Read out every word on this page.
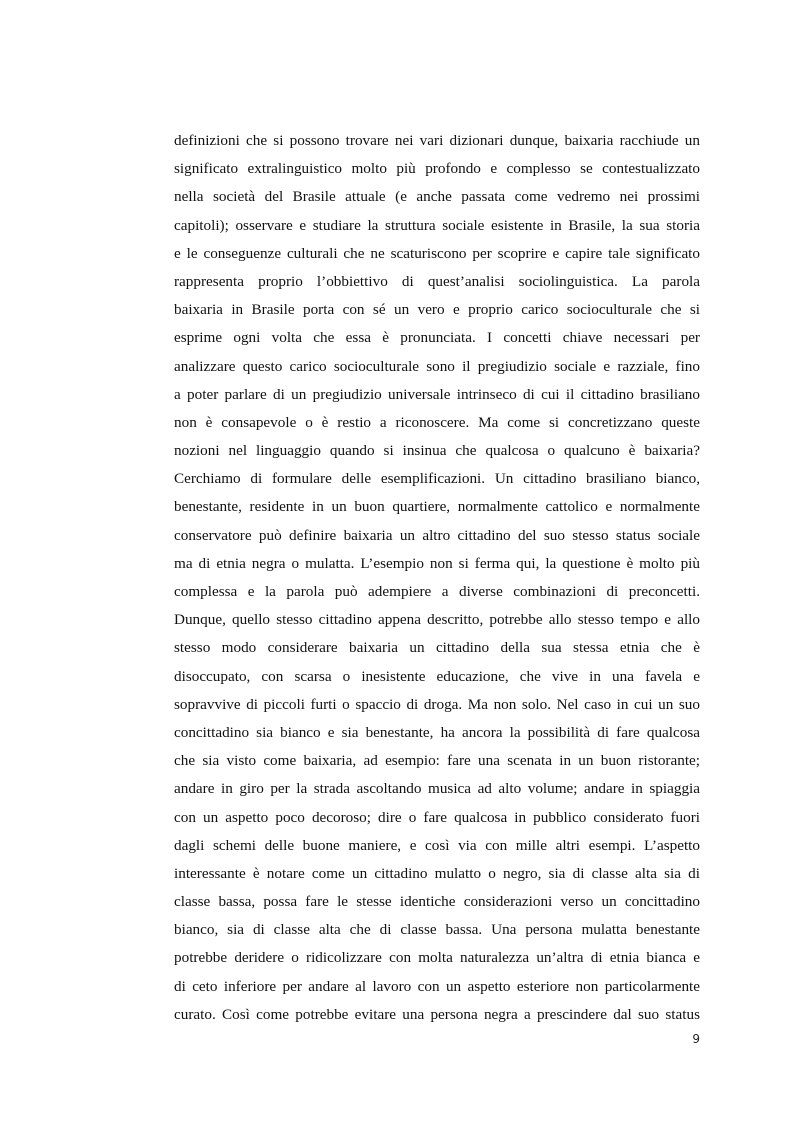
definizioni che si possono trovare nei vari dizionari dunque, baixaria racchiude un
significato extralinguistico molto più profondo e complesso se contestualizzato
nella società del Brasile attuale (e anche passata come vedremo nei prossimi
capitoli); osservare e studiare la struttura sociale esistente in Brasile, la sua storia
e le conseguenze culturali che ne scaturiscono per scoprire e capire tale significato
rappresenta proprio l’obbiettivo di quest’analisi sociolinguistica. La parola
baixaria in Brasile porta con sé un vero e proprio carico socioculturale che si
esprime ogni volta che essa è pronunciata. I concetti chiave necessari per
analizzare questo carico socioculturale sono il pregiudizio sociale e razziale, fino
a poter parlare di un pregiudizio universale intrinseco di cui il cittadino brasiliano
non è consapevole o è restio a riconoscere. Ma come si concretizzano queste
nozioni nel linguaggio quando si insinua che qualcosa o qualcuno è baixaria?
Cerchiamo di formulare delle esemplificazioni. Un cittadino brasiliano bianco,
benestante, residente in un buon quartiere, normalmente cattolico e normalmente
conservatore può definire baixaria un altro cittadino del suo stesso status sociale
ma di etnia negra o mulatta. L’esempio non si ferma qui, la questione è molto più
complessa e la parola può adempiere a diverse combinazioni di preconcetti.
Dunque, quello stesso cittadino appena descritto, potrebbe allo stesso tempo e allo
stesso modo considerare baixaria un cittadino della sua stessa etnia che è
disoccupato, con scarsa o inesistente educazione, che vive in una favela e
sopravvive di piccoli furti o spaccio di droga. Ma non solo. Nel caso in cui un suo
concittadino sia bianco e sia benestante, ha ancora la possibilità di fare qualcosa
che sia visto come baixaria, ad esempio: fare una scenata in un buon ristorante;
andare in giro per la strada ascoltando musica ad alto volume; andare in spiaggia
con un aspetto poco decoroso; dire o fare qualcosa in pubblico considerato fuori
dagli schemi delle buone maniere, e così via con mille altri esempi. L’aspetto
interessante è notare come un cittadino mulatto o negro, sia di classe alta sia di
classe bassa, possa fare le stesse identiche considerazioni verso un concittadino
bianco, sia di classe alta che di classe bassa. Una persona mulatta benestante
potrebbe deridere o ridicolizzare con molta naturalezza un’altra di etnia bianca e
di ceto inferiore per andare al lavoro con un aspetto esteriore non particolarmente
curato. Così come potrebbe evitare una persona negra a prescindere dal suo status
9
